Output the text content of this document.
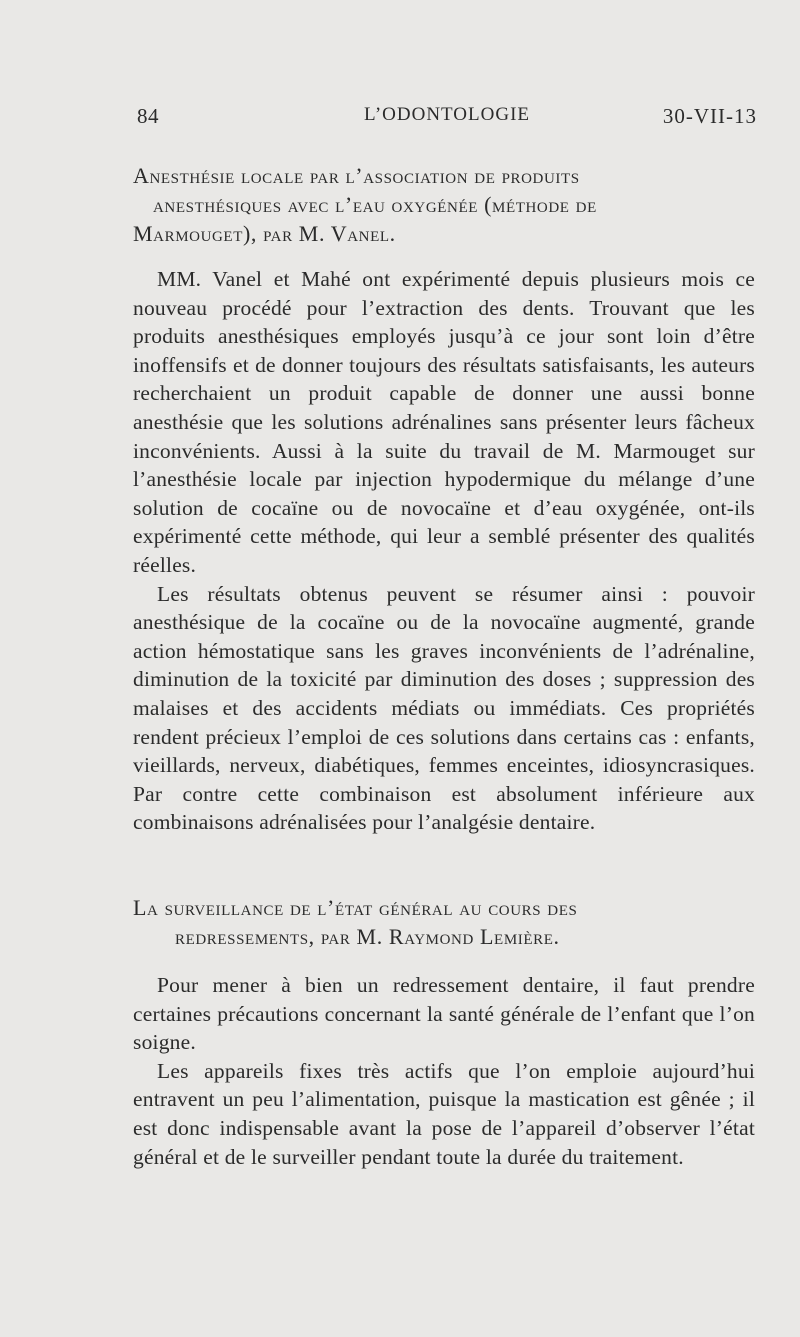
84	L’ODONTOLOGIE	30-VII-13
Anesthésie locale par l’association de produits
anesthésiques avec l’eau oxygénée (méthode de
Marmouget), par M. Vanel.

MM. Vanel et Mahé ont expérimenté depuis plusieurs mois ce nouveau procédé pour l’extraction des dents. Trouvant que les produits anesthésiques employés jusqu’à ce jour sont loin d’être inoffensifs et de donner toujours des résultats satisfaisants, les auteurs recherchaient un produit capable de donner une aussi bonne anesthésie que les solutions adrénalines sans présenter leurs fâcheux inconvénients. Aussi à la suite du travail de M. Marmouget sur l’anesthésie locale par injection hypodermique du mélange d’une solution de cocaïne ou de novocaïne et d’eau oxygénée, ont-ils expérimenté cette méthode, qui leur a semblé présenter des qualités réelles.

Les résultats obtenus peuvent se résumer ainsi : pouvoir anesthésique de la cocaïne ou de la novocaïne augmenté, grande action hémostatique sans les graves inconvénients de l’adrénaline, diminution de la toxicité par diminution des doses ; suppression des malaises et des accidents médiats ou immédiats. Ces propriétés rendent précieux l’emploi de ces solutions dans certains cas : enfants, vieillards, nerveux, diabétiques, femmes enceintes, idiosyncrasiques. Par contre cette combinaison est absolument inférieure aux combinaisons adrénalisées pour l’analgésie dentaire.

La surveillance de l’état général au cours des
redressements, par M. Raymond Lemière.

Pour mener à bien un redressement dentaire, il faut prendre certaines précautions concernant la santé générale de l’enfant que l’on soigne.

Les appareils fixes très actifs que l’on emploie aujourd’hui entravent un peu l’alimentation, puisque la mastication est gênée ; il est donc indispensable avant la pose de l’appareil d’observer l’état général et de le surveiller pendant toute la durée du traitement.
